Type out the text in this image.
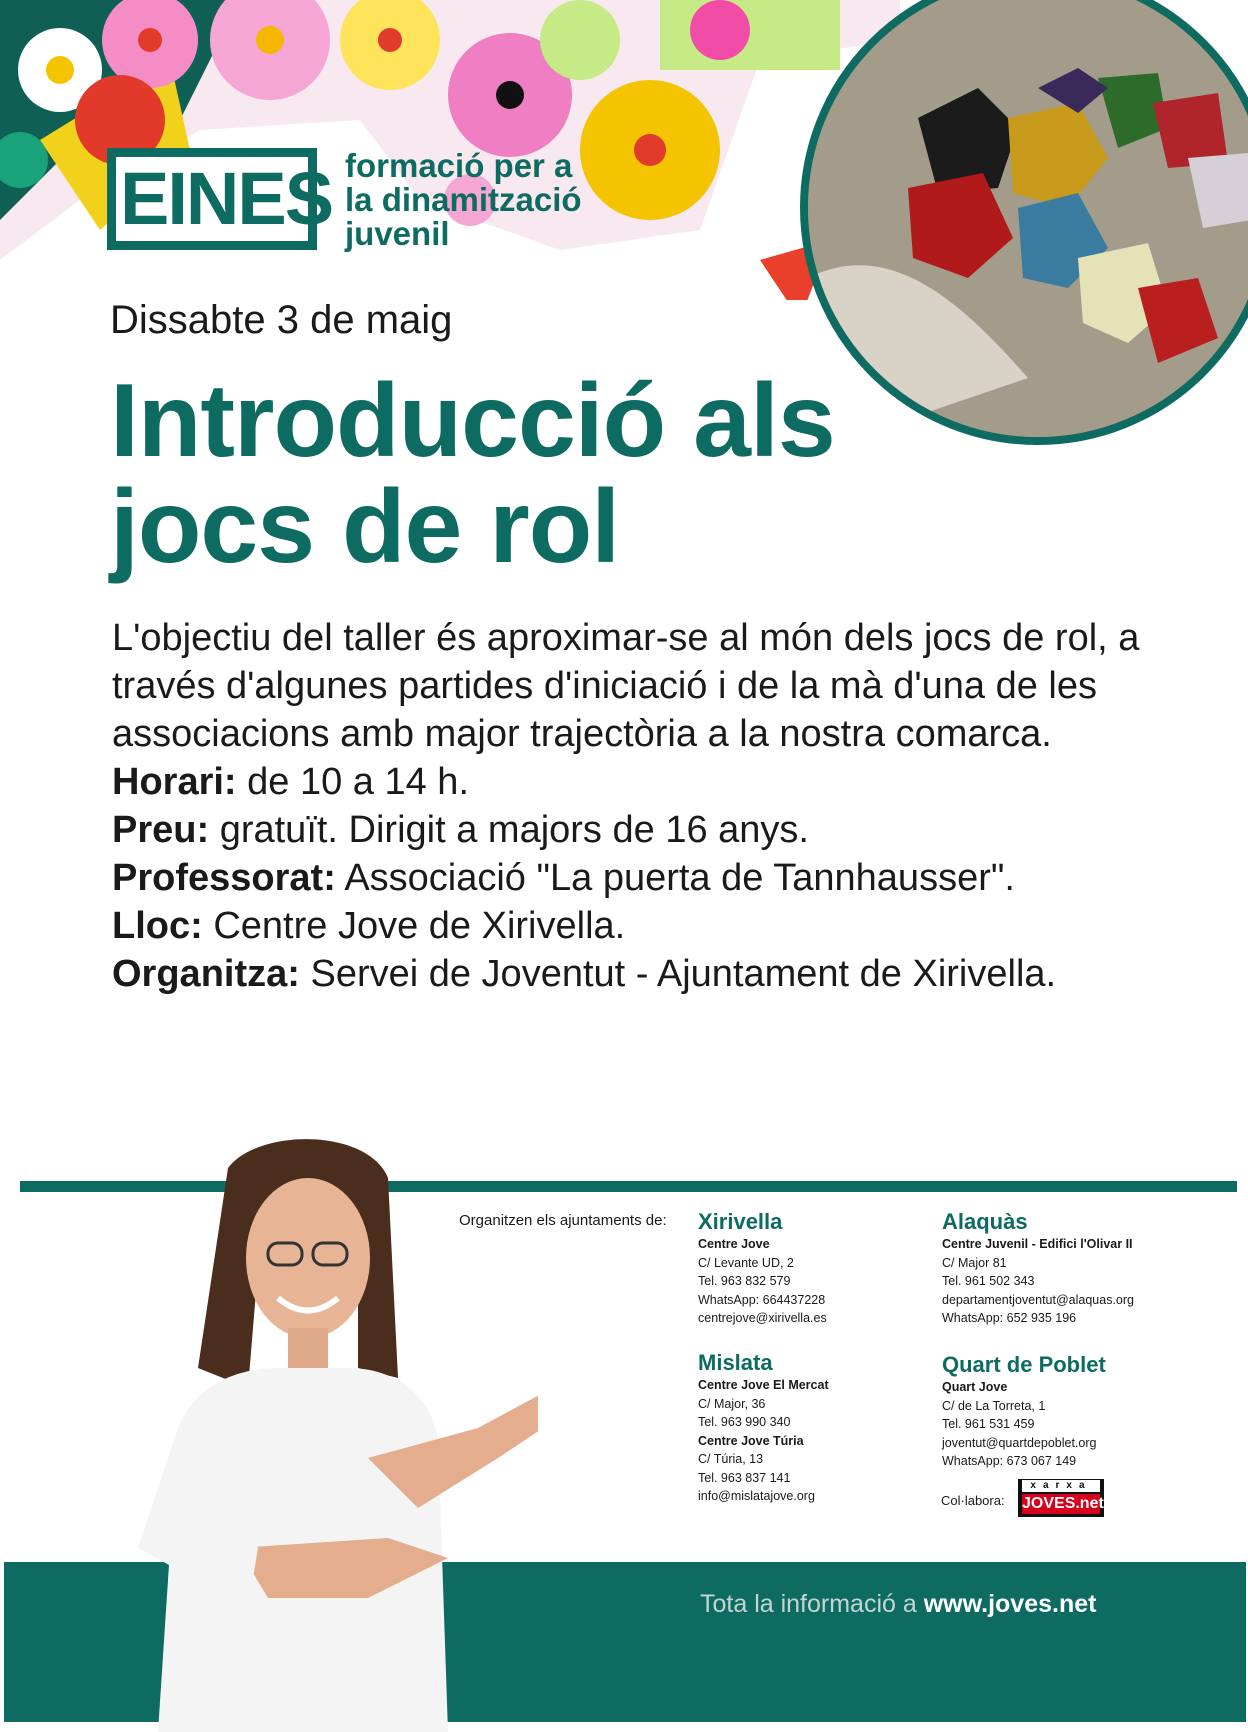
EINES formació per a
la dinamització
juvenil
Dissabte 3 de maig
Introducció als
jocs de rol

L'objectiu del taller és aproximar-se al món dels jocs de rol, a través d'algunes partides d'iniciació i de la mà d'una de les associacions amb major trajectòria a la nostra comarca.

Horari: de 10 a 14 h.

Preu: gratuït. Dirigit a majors de 16 anys.

Professorat: Associació "La puerta de Tannhausser".

Lloc: Centre Jove de Xirivella.

Organitza: Servei de Joventut - Ajuntament de Xirivella.

Organitzen els ajuntaments de: Xirivella
Centre Jove
C/ Levante UD, 2
Tel. 963 832 579
WhatsApp: 664437228
centrejove@xirivella.es
Alaquàs
Centre Juvenil - Edifici l'Olivar II
C/ Major 81
Tel. 961 502 343
departamentjoventut@alaquas.org
WhatsApp: 652 935 196
Mislata
Centre Jove El Mercat
C/ Major, 36
Tel. 963 990 340
Centre Jove Túria
C/ Túria, 13
Tel. 963 837 141
info@mislatajove.org
Quart de Poblet
Quart Jove
C/ de La Torreta, 1
Tel. 961 531 459
joventut@quartdepoblet.org
WhatsApp: 673 067 149
Col·labora:
xarxa
JOVES.net
Tota la informació a www.joves.net
